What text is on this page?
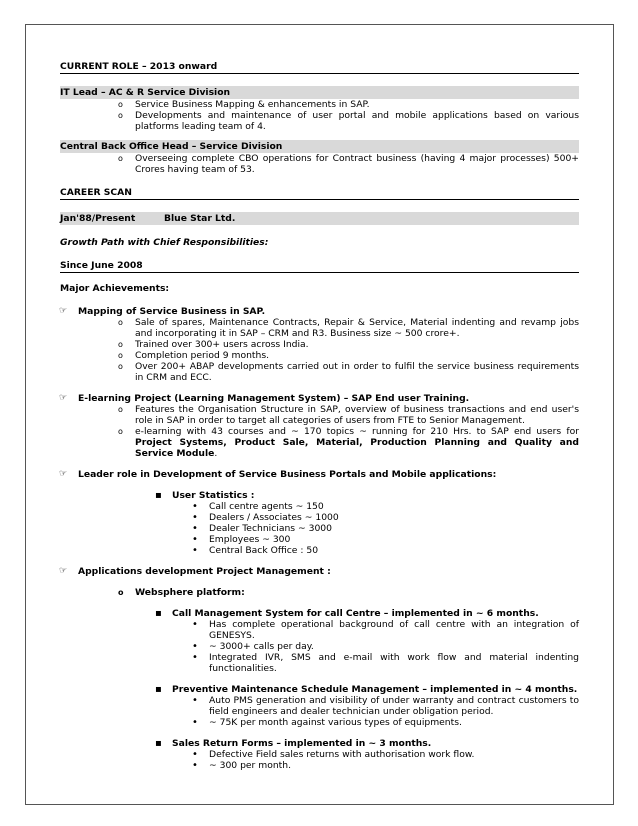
CURRENT ROLE – 2013 onward
IT Lead – AC & R Service Division
o	Service Business Mapping & enhancements in SAP.
o	Developments and maintenance of user portal and mobile applications based on various platforms leading team of 4.
Central Back Office Head – Service Division
o	Overseeing complete CBO operations for Contract business (having 4 major processes) 500+ Crores having team of 53.
CAREER SCAN
Jan'88/Present	Blue Star Ltd.
Growth Path with Chief Responsibilities:
Since June 2008
Major Achievements:
☞ Mapping of Service Business in SAP.
o	Sale of spares, Maintenance Contracts, Repair & Service, Material indenting and revamp jobs and incorporating it in SAP – CRM and R3. Business size ~ 500 crore+.
o	Trained over 300+ users across India.
o	Completion period 9 months.
o	Over 200+ ABAP developments carried out in order to fulfil the service business requirements in CRM and ECC.
☞ E-learning Project (Learning Management System) – SAP End user Training.
o	Features the Organisation Structure in SAP, overview of business transactions and end user's role in SAP in order to target all categories of users from FTE to Senior Management.
o	e-learning with 43 courses and ~ 170 topics ~ running for 210 Hrs. to SAP end users for Project Systems, Product Sale, Material, Production Planning and Quality and Service Module.
☞ Leader role in Development of Service Business Portals and Mobile applications:
▪	User Statistics :
•	Call centre agents ~ 150
•	Dealers / Associates ~ 1000
•	Dealer Technicians ~ 3000
•	Employees ~ 300
•	Central Back Office : 50
☞ Applications development Project Management :
o	Websphere platform:
▪	Call Management System for call Centre – implemented in ~ 6 months.
•	Has complete operational background of call centre with an integration of GENESYS.
•	~ 3000+ calls per day.
•	Integrated IVR, SMS and e-mail with work flow and material indenting functionalities.
▪	Preventive Maintenance Schedule Management – implemented in ~ 4 months.
•	Auto PMS generation and visibility of under warranty and contract customers to field engineers and dealer technician under obligation period.
•	~ 75K per month against various types of equipments.
▪	Sales Return Forms – implemented in ~ 3 months.
•	Defective Field sales returns with authorisation work flow.
•	~ 300 per month.
